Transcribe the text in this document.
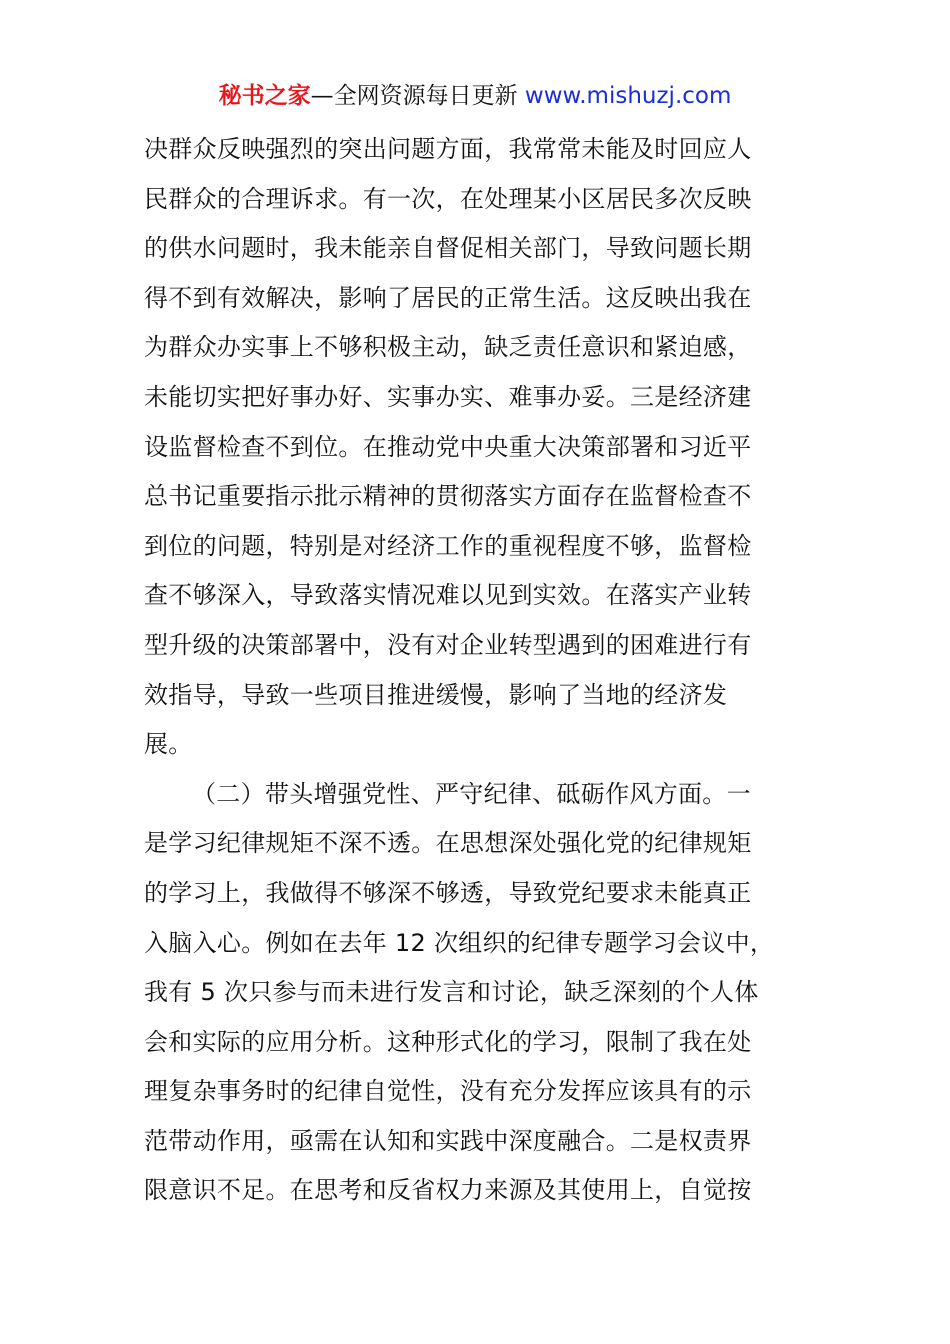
秘书之家—全网资源每日更新 www.mishuzj.com
决群众反映强烈的突出问题方面，我常常未能及时回应人
民群众的合理诉求。有一次，在处理某小区居民多次反映
的供水问题时，我未能亲自督促相关部门，导致问题长期
得不到有效解决，影响了居民的正常生活。这反映出我在
为群众办实事上不够积极主动，缺乏责任意识和紧迫感，
未能切实把好事办好、实事办实、难事办妥。三是经济建
设监督检查不到位。在推动党中央重大决策部署和习近平
总书记重要指示批示精神的贯彻落实方面存在监督检查不
到位的问题，特别是对经济工作的重视程度不够，监督检
查不够深入，导致落实情况难以见到实效。在落实产业转
型升级的决策部署中，没有对企业转型遇到的困难进行有
效指导，导致一些项目推进缓慢，影响了当地的经济发
展。
（二）带头增强党性、严守纪律、砥砺作风方面。一
是学习纪律规矩不深不透。在思想深处强化党的纪律规矩
的学习上，我做得不够深不够透，导致党纪要求未能真正
入脑入心。例如在去年 12 次组织的纪律专题学习会议中，
我有 5 次只参与而未进行发言和讨论，缺乏深刻的个人体
会和实际的应用分析。这种形式化的学习，限制了我在处
理复杂事务时的纪律自觉性，没有充分发挥应该具有的示
范带动作用，亟需在认知和实践中深度融合。二是权责界
限意识不足。在思考和反省权力来源及其使用上，自觉按
